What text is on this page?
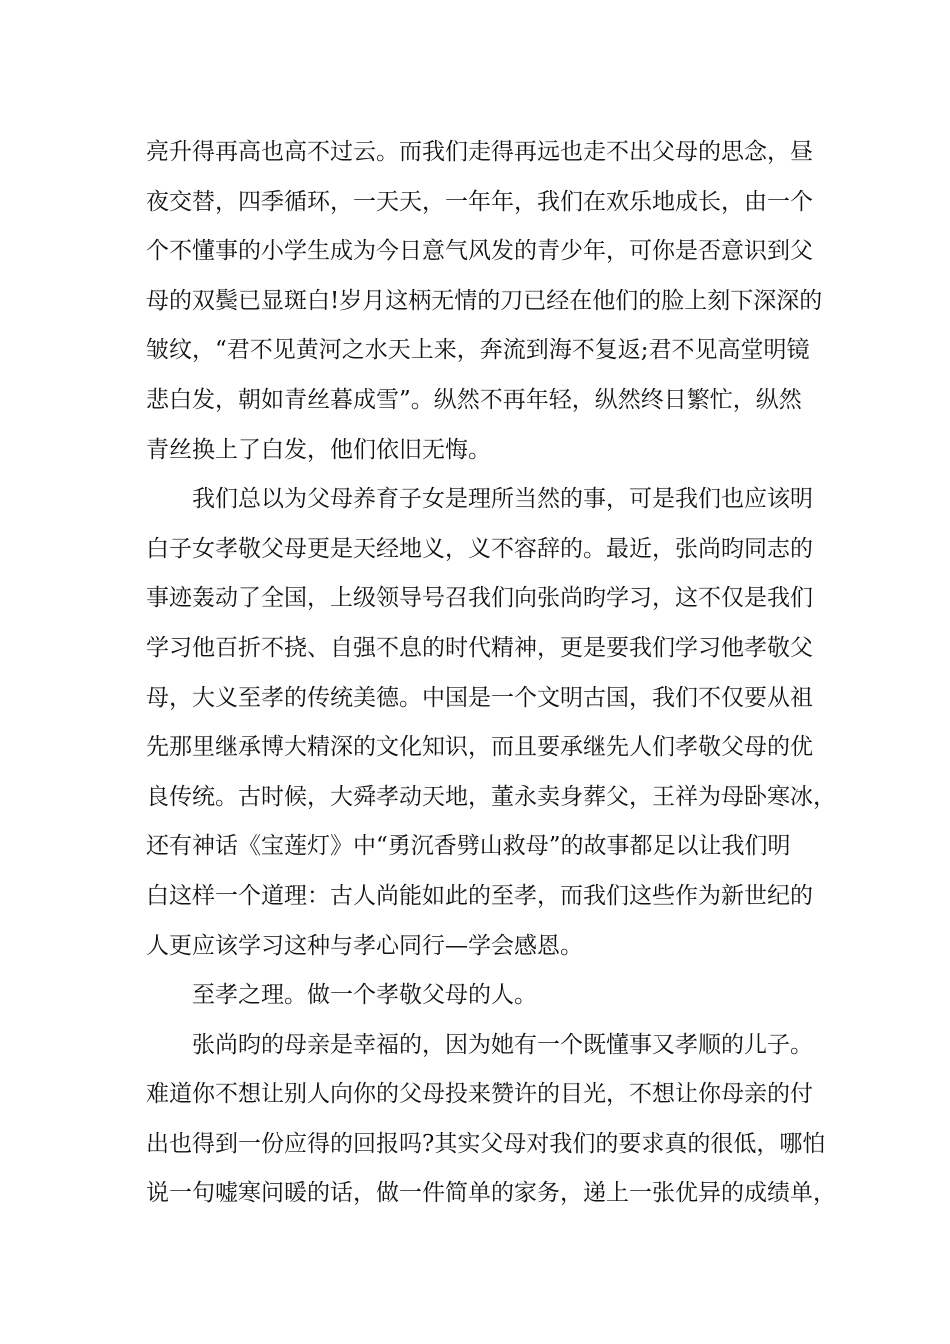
亮升得再高也高不过云。而我们走得再远也走不出父母的思念，昼
夜交替，四季循环，一天天，一年年，我们在欢乐地成长，由一个
个不懂事的小学生成为今日意气风发的青少年，可你是否意识到父
母的双鬓已显斑白!岁月这柄无情的刀已经在他们的脸上刻下深深的
皱纹，“君不见黄河之水天上来，奔流到海不复返;君不见高堂明镜
悲白发，朝如青丝暮成雪”。纵然不再年轻，纵然终日繁忙，纵然
青丝换上了白发，他们依旧无悔。
我们总以为父母养育子女是理所当然的事，可是我们也应该明
白子女孝敬父母更是天经地义，义不容辞的。最近，张尚昀同志的
事迹轰动了全国，上级领导号召我们向张尚昀学习，这不仅是我们
学习他百折不挠、自强不息的时代精神，更是要我们学习他孝敬父
母，大义至孝的传统美德。中国是一个文明古国，我们不仅要从祖
先那里继承博大精深的文化知识，而且要承继先人们孝敬父母的优
良传统。古时候，大舜孝动天地，董永卖身葬父，王祥为母卧寒冰，
还有神话《宝莲灯》中“勇沉香劈山救母”的故事都足以让我们明
白这样一个道理：古人尚能如此的至孝，而我们这些作为新世纪的
人更应该学习这种与孝心同行—学会感恩。
至孝之理。做一个孝敬父母的人。
张尚昀的母亲是幸福的，因为她有一个既懂事又孝顺的儿子。
难道你不想让别人向你的父母投来赞许的目光，不想让你母亲的付
出也得到一份应得的回报吗?其实父母对我们的要求真的很低，哪怕
说一句嘘寒问暖的话，做一件简单的家务，递上一张优异的成绩单，
